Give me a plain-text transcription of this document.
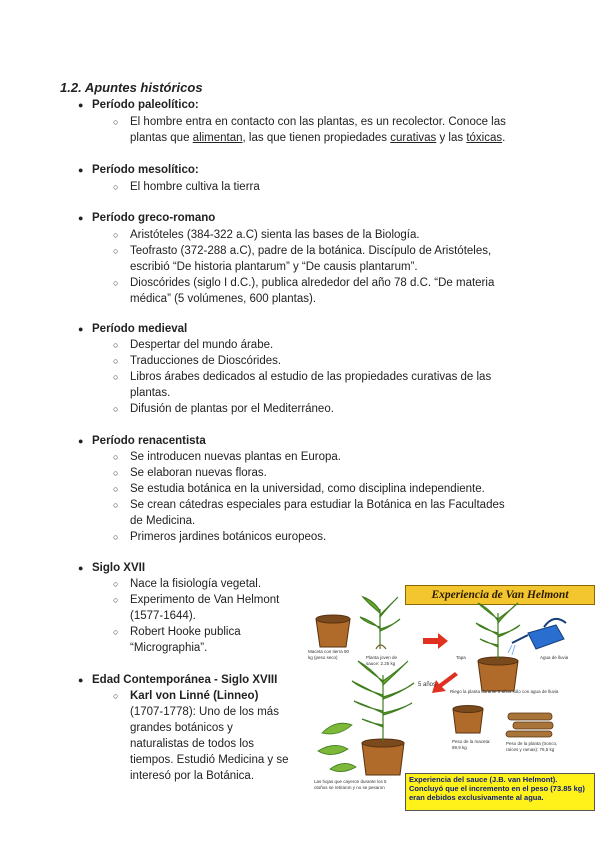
1.2. Apuntes históricos
● Período paleolítico:
○ El hombre entra en contacto con las plantas, es un recolector. Conoce las
plantas que alimentan, las que tienen propiedades curativas y las tóxicas.
● Período mesolítico:
○ El hombre cultiva la tierra
● Período greco-romano
○ Aristóteles (384-322 a.C) sienta las bases de la Biología.
○ Teofrasto (372-288 a.C), padre de la botánica. Discípulo de Aristóteles,
escribió “De historia plantarum” y “De causis plantarum”.
○ Dioscórides (siglo I d.C.), publica alrededor del año 78 d.C. “De materia
médica” (5 volúmenes, 600 plantas).
● Período medieval
○ Despertar del mundo árabe.
○ Traducciones de Dioscórides.
○ Libros árabes dedicados al estudio de las propiedades curativas de las
plantas.
○ Difusión de plantas por el Mediterráneo.
● Período renacentista
○ Se introducen nuevas plantas en Europa.
○ Se elaboran nuevas floras.
○ Se estudia botánica en la universidad, como disciplina independiente.
○ Se crean cátedras especiales para estudiar la Botánica en las Facultades
de Medicina.
○ Primeros jardines botánicos europeos.
● Siglo XVII
○ Nace la fisiología vegetal.
○ Experimento de Van Helmont
(1577-1644).
○ Robert Hooke publica
“Micrographia”.
● Edad Contemporánea - Siglo XVIII
○ Karl von Linné (Linneo)
(1707-1778): Uno de los más
grandes botánicos y
naturalistas de todos los
tiempos. Estudió Medicina y se
interesó por la Botánica.
Experiencia de Van Helmont
Maceta con tierra 90 kg (peso seco)	Planta joven de sauce: 2.25 kg
Tapa	Agua de lluvia
5 años
Riego la planta durante 5 años sólo con agua de lluvia
Peso de la maceta: 89,9 kg
Peso de la planta (tronco, raíces y ramas): 76,5 kg
Las hojas que cayeron durante los 5 otoños se retiraron y no se pesaron
Experiencia del sauce (J.B. van Helmont). Concluyó que el incremento en el peso (73.85 kg) eran debidos exclusivamente al agua.
